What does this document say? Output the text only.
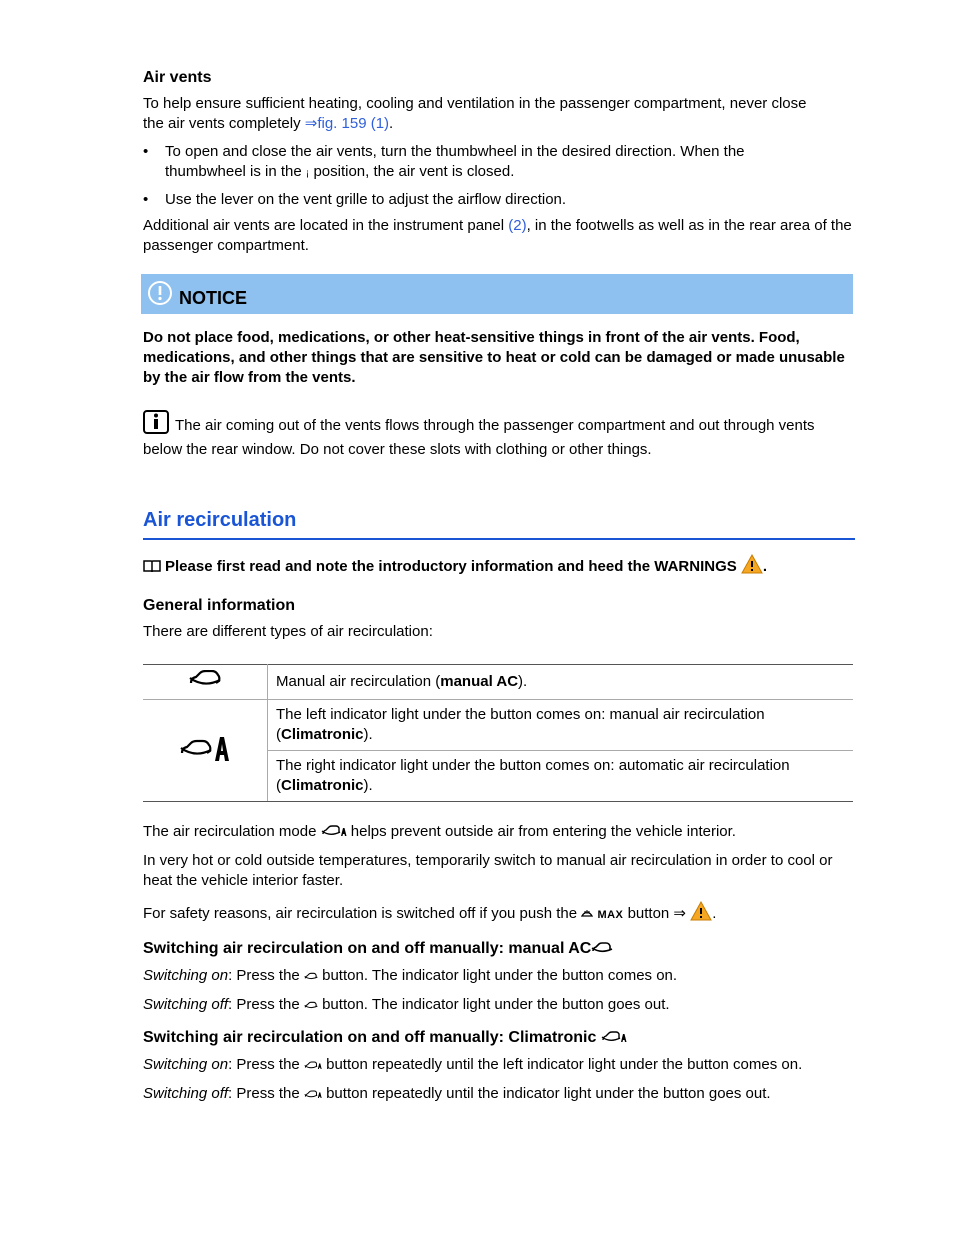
Air vents

To help ensure sufficient heating, cooling and ventilation in the passenger compartment, never close
the air vents completely ⇒fig. 159 (1).

• To open and close the air vents, turn the thumbwheel in the desired direction. When the
thumbwheel is in the ¡ position, the air vent is closed.
• Use the lever on the vent grille to adjust the airflow direction.

Additional air vents are located in the instrument panel (2), in the footwells as well as in the rear area of the passenger compartment.

NOTICE

Do not place food, medications, or other heat-sensitive things in front of the air vents. Food, medications, and other things that are sensitive to heat or cold can be damaged or made unusable by the air flow from the vents.

The air coming out of the vents flows through the passenger compartment and out through vents below the rear window. Do not cover these slots with clothing or other things.

Air recirculation

Please first read and note the introductory information and heed the WARNINGS .

General information

There are different types of air recirculation:

	Manual air recirculation (manual AC).
	The left indicator light under the button comes on: manual air recirculation (Climatronic).
	The right indicator light under the button comes on: automatic air recirculation (Climatronic).

The air recirculation mode helps prevent outside air from entering the vehicle interior.

In very hot or cold outside temperatures, temporarily switch to manual air recirculation in order to cool or heat the vehicle interior faster.

For safety reasons, air recirculation is switched off if you push the MAX button ⇒ .

Switching air recirculation on and off manually: manual AC

Switching on: Press the button. The indicator light under the button comes on.

Switching off: Press the button. The indicator light under the button goes out.

Switching air recirculation on and off manually: Climatronic

Switching on: Press the button repeatedly until the left indicator light under the button comes on.

Switching off: Press the button repeatedly until the indicator light under the button goes out.
